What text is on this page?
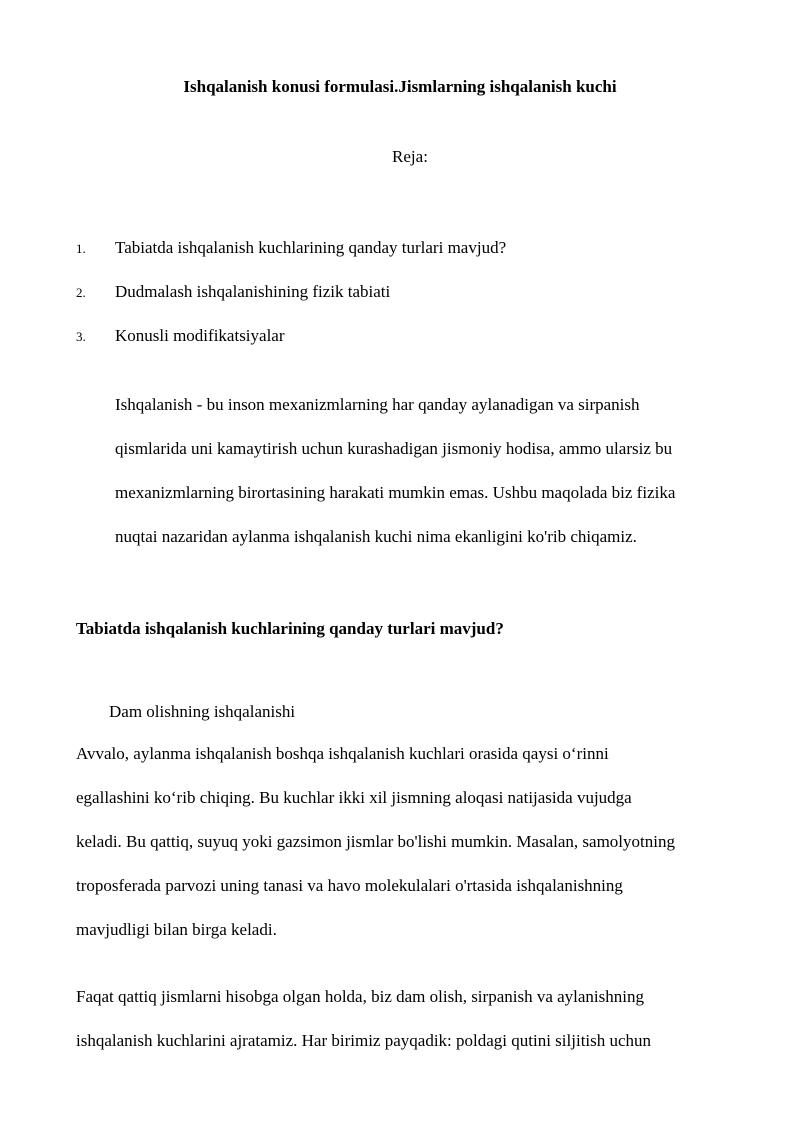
Ishqalanish konusi formulasi.Jismlarning ishqalanish kuchi
Reja:
1. Tabiatda ishqalanish kuchlarining qanday turlari mavjud?
2. Dudmalash ishqalanishining fizik tabiati
3. Konusli modifikatsiyalar
Ishqalanish - bu inson mexanizmlarning har qanday aylanadigan va sirpanish
qismlarida uni kamaytirish uchun kurashadigan jismoniy hodisa, ammo ularsiz bu
mexanizmlarning birortasining harakati mumkin emas. Ushbu maqolada biz fizika
nuqtai nazaridan aylanma ishqalanish kuchi nima ekanligini ko'rib chiqamiz.
Tabiatda ishqalanish kuchlarining qanday turlari mavjud?
Dam olishning ishqalanishi
Avvalo, aylanma ishqalanish boshqa ishqalanish kuchlari orasida qaysi o‘rinni
egallashini ko‘rib chiqing. Bu kuchlar ikki xil jismning aloqasi natijasida vujudga
keladi. Bu qattiq, suyuq yoki gazsimon jismlar bo'lishi mumkin. Masalan, samolyotning
troposferada parvozi uning tanasi va havo molekulalari o'rtasida ishqalanishning
mavjudligi bilan birga keladi.
Faqat qattiq jismlarni hisobga olgan holda, biz dam olish, sirpanish va aylanishning
ishqalanish kuchlarini ajratamiz. Har birimiz payqadik: poldagi qutini siljitish uchun
